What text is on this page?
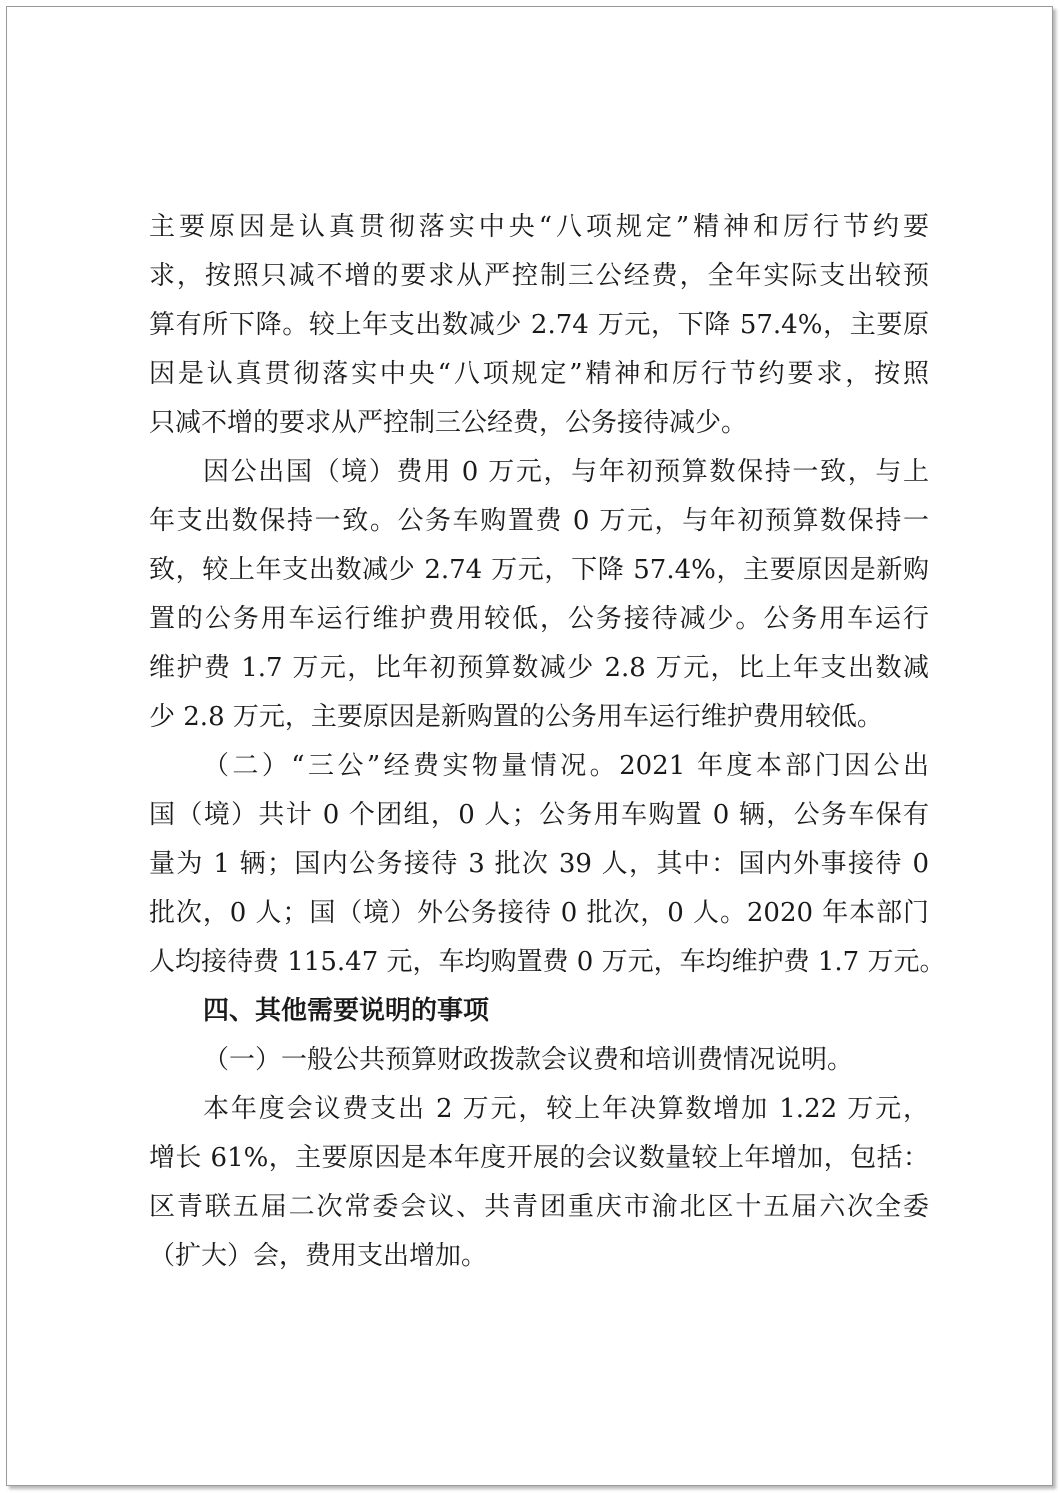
主要原因是认真贯彻落实中央“八项规定”精神和厉行节约要
求，按照只减不增的要求从严控制三公经费，全年实际支出较预
算有所下降。较上年支出数减少 2.74 万元，下降 57.4%，主要原
因是认真贯彻落实中央“八项规定”精神和厉行节约要求，按照
只减不增的要求从严控制三公经费，公务接待减少。
因公出国（境）费用 0 万元，与年初预算数保持一致，与上
年支出数保持一致。公务车购置费 0 万元，与年初预算数保持一
致，较上年支出数减少 2.74 万元，下降 57.4%，主要原因是新购
置的公务用车运行维护费用较低，公务接待减少。公务用车运行
维护费 1.7 万元，比年初预算数减少 2.8 万元，比上年支出数减
少 2.8 万元，主要原因是新购置的公务用车运行维护费用较低。
（二）“三公”经费实物量情况。2021 年度本部门因公出
国（境）共计 0 个团组，0 人；公务用车购置 0 辆，公务车保有
量为 1 辆；国内公务接待 3 批次 39 人，其中：国内外事接待 0
批次，0 人；国（境）外公务接待 0 批次，0 人。2020 年本部门
人均接待费 115.47 元，车均购置费 0 万元，车均维护费 1.7 万元。
四、其他需要说明的事项
（一）一般公共预算财政拨款会议费和培训费情况说明。
本年度会议费支出 2 万元，较上年决算数增加 1.22 万元，
增长 61%，主要原因是本年度开展的会议数量较上年增加，包括：
区青联五届二次常委会议、共青团重庆市渝北区十五届六次全委
（扩大）会，费用支出增加。
